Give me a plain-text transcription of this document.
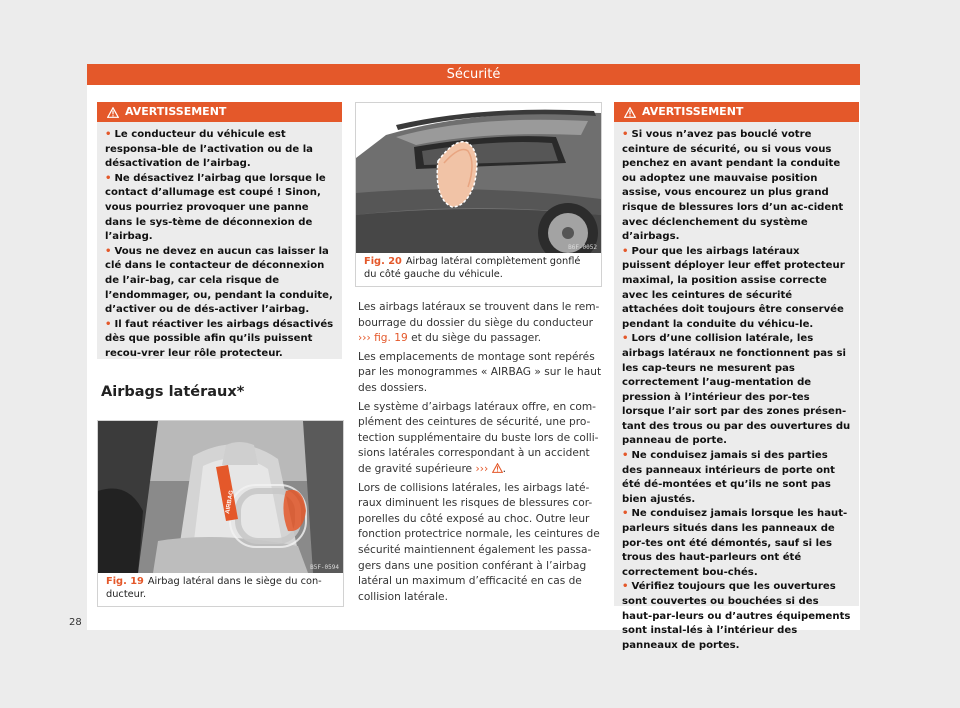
Sécurité
AVERTISSEMENT
• Le conducteur du véhicule est responsa-ble de l’activation ou de la désactivation de l’airbag.
• Ne désactivez l’airbag que lorsque le contact d’allumage est coupé ! Sinon, vous pourriez provoquer une panne dans le sys-tème de déconnexion de l’airbag.
• Vous ne devez en aucun cas laisser la clé dans le contacteur de déconnexion de l’air-bag, car cela risque de l’endommager, ou, pendant la conduite, d’activer ou de dés-activer l’airbag.
• Il faut réactiver les airbags désactivés dès que possible afin qu’ils puissent recou-vrer leur rôle protecteur.
Airbags latéraux*
AIRBAG
B5F-0594
Fig. 19 Airbag latéral dans le siège du con-ducteur.
B6F-0052
Fig. 20 Airbag latéral complètement gonflé du côté gauche du véhicule.

Les airbags latéraux se trouvent dans le rem-bourrage du dossier du siège du conducteur ››› fig. 19 et du siège du passager.

Les emplacements de montage sont repérés par les monogrammes « AIRBAG » sur le haut des dossiers.

Le système d’airbags latéraux offre, en com-plément des ceintures de sécurité, une pro-tection supplémentaire du buste lors de colli-sions latérales correspondant à un accident de gravité supérieure ››› .

Lors de collisions latérales, les airbags laté-raux diminuent les risques de blessures cor-porelles du côté exposé au choc. Outre leur fonction protectrice normale, les ceintures de sécurité maintiennent également les passa-gers dans une position conférant à l’airbag latéral un maximum d’efficacité en cas de collision latérale.

AVERTISSEMENT
• Si vous n’avez pas bouclé votre ceinture de sécurité, ou si vous vous penchez en avant pendant la conduite ou adoptez une mauvaise position assise, vous encourez un plus grand risque de blessures lors d’un ac-cident avec déclenchement du système d’airbags.
• Pour que les airbags latéraux puissent déployer leur effet protecteur maximal, la position assise correcte avec les ceintures de sécurité attachées doit toujours être conservée pendant la conduite du véhicu-le.
• Lors d’une collision latérale, les airbags latéraux ne fonctionnent pas si les cap-teurs ne mesurent pas correctement l’aug-mentation de pression à l’intérieur des por-tes lorsque l’air sort par des zones présen-tant des trous ou par des ouvertures du panneau de porte.
• Ne conduisez jamais si des parties des panneaux intérieurs de porte ont été dé-montées et qu’ils ne sont pas bien ajustés.
• Ne conduisez jamais lorsque les haut-parleurs situés dans les panneaux de por-tes ont été démontés, sauf si les trous des haut-parleurs ont été correctement bou-chés.
• Vérifiez toujours que les ouvertures sont couvertes ou bouchées si des haut-par-leurs ou d’autres équipements sont instal-lés à l’intérieur des panneaux de portes.
28
